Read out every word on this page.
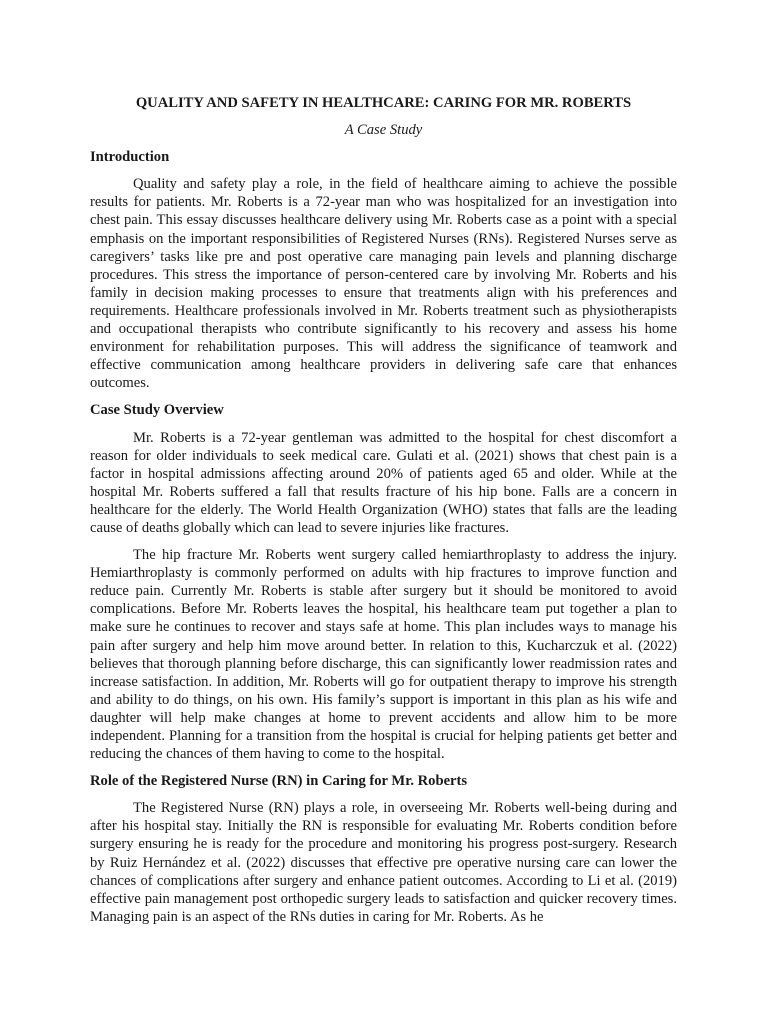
QUALITY AND SAFETY IN HEALTHCARE: CARING FOR MR. ROBERTS
A Case Study
Introduction

Quality and safety play a role, in the field of healthcare aiming to achieve the possible results for patients. Mr. Roberts is a 72-year man who was hospitalized for an investigation into chest pain. This essay discusses healthcare delivery using Mr. Roberts case as a point with a special emphasis on the important responsibilities of Registered Nurses (RNs). Registered Nurses serve as caregivers’ tasks like pre and post operative care managing pain levels and planning discharge procedures. This stress the importance of person-centered care by involving Mr. Roberts and his family in decision making processes to ensure that treatments align with his preferences and requirements. Healthcare professionals involved in Mr. Roberts treatment such as physiotherapists and occupational therapists who contribute significantly to his recovery and assess his home environment for rehabilitation purposes. This will address the significance of teamwork and effective communication among healthcare providers in delivering safe care that enhances outcomes.

Case Study Overview

Mr. Roberts is a 72-year gentleman was admitted to the hospital for chest discomfort a reason for older individuals to seek medical care. Gulati et al. (2021) shows that chest pain is a factor in hospital admissions affecting around 20% of patients aged 65 and older. While at the hospital Mr. Roberts suffered a fall that results fracture of his hip bone. Falls are a concern in healthcare for the elderly. The World Health Organization (WHO) states that falls are the leading cause of deaths globally which can lead to severe injuries like fractures.

The hip fracture Mr. Roberts went surgery called hemiarthroplasty to address the injury. Hemiarthroplasty is commonly performed on adults with hip fractures to improve function and reduce pain. Currently Mr. Roberts is stable after surgery but it should be monitored to avoid complications. Before Mr. Roberts leaves the hospital, his healthcare team put together a plan to make sure he continues to recover and stays safe at home. This plan includes ways to manage his pain after surgery and help him move around better. In relation to this, Kucharczuk et al. (2022) believes that thorough planning before discharge, this can significantly lower readmission rates and increase satisfaction. In addition, Mr. Roberts will go for outpatient therapy to improve his strength and ability to do things, on his own. His family’s support is important in this plan as his wife and daughter will help make changes at home to prevent accidents and allow him to be more independent. Planning for a transition from the hospital is crucial for helping patients get better and reducing the chances of them having to come to the hospital.

Role of the Registered Nurse (RN) in Caring for Mr. Roberts

The Registered Nurse (RN) plays a role, in overseeing Mr. Roberts well-being during and after his hospital stay. Initially the RN is responsible for evaluating Mr. Roberts condition before surgery ensuring he is ready for the procedure and monitoring his progress post-surgery. Research by Ruiz Hernández et al. (2022) discusses that effective pre operative nursing care can lower the chances of complications after surgery and enhance patient outcomes. According to Li et al. (2019) effective pain management post orthopedic surgery leads to satisfaction and quicker recovery times. Managing pain is an aspect of the RNs duties in caring for Mr. Roberts. As he
